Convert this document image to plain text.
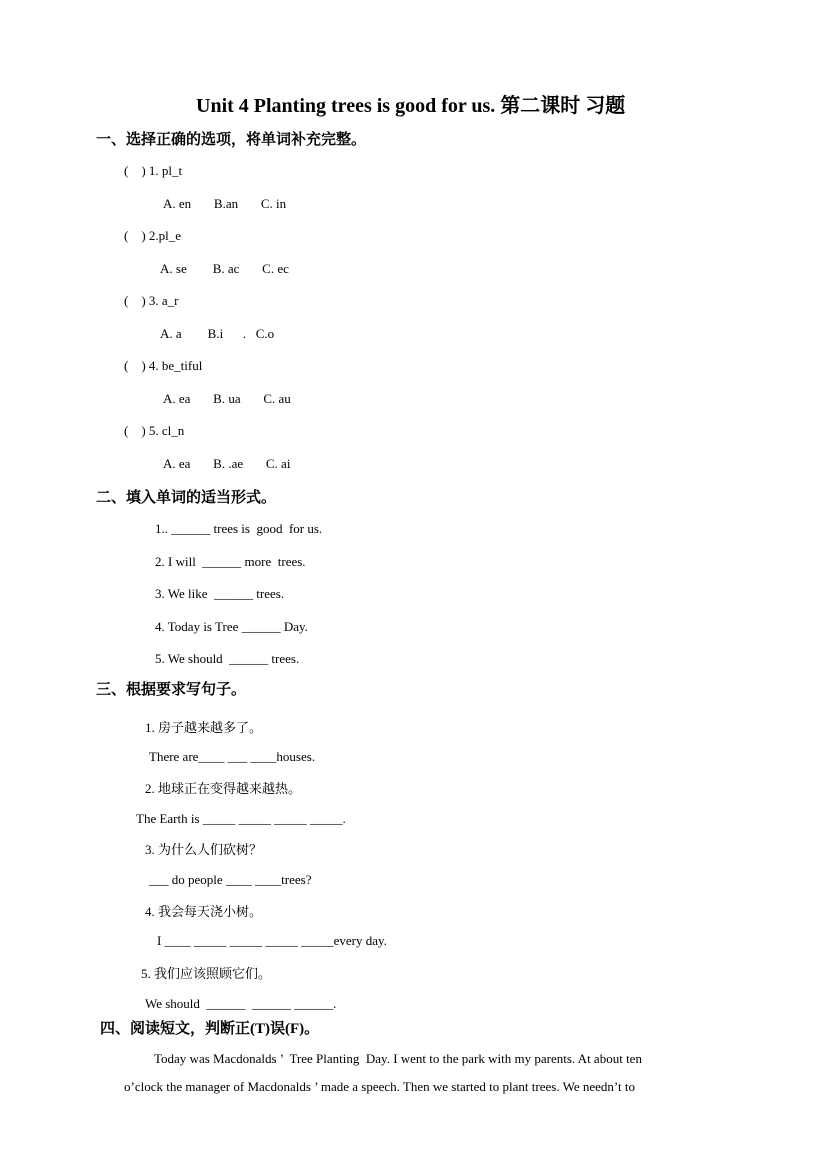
Unit 4 Planting trees is good for us. 第二课时 习题
一、选择正确的选项，将单词补充完整。
(    ) 1. pl_t
A. en       B.an       C. in
(    ) 2.pl_e
A. se        B. ac       C. ec
(    ) 3. a_r
A. a        B.i      .   C.o
(    ) 4. be_tiful
A. ea       B. ua       C. au
(    ) 5. cl_n
A. ea       B. .ae       C. ai
二、填入单词的适当形式。
1.. ______ trees is  good  for us.
2. I will  ______ more  trees.
3. We like  ______ trees.
4. Today is Tree ______ Day.
5. We should  ______ trees.
三、根据要求写句子。
1. 房子越来越多了。
There are____ ___ ____houses.
2. 地球正在变得越来越热。
The Earth is _____ _____ _____ _____.
3. 为什么人们砍树？
___ do people ____ ____trees?
4. 我会每天浇小树。
I ____ _____ _____ _____ _____every day.
5. 我们应该照顾它们。
We should  ______  ______ ______.
四、阅读短文，判断正(T)误(F)。
Today was Macdonalds ’  Tree Planting  Day. I went to the park with my parents. At about ten
o’clock the manager of Macdonalds ’ made a speech. Then we started to plant trees. We needn’t to
